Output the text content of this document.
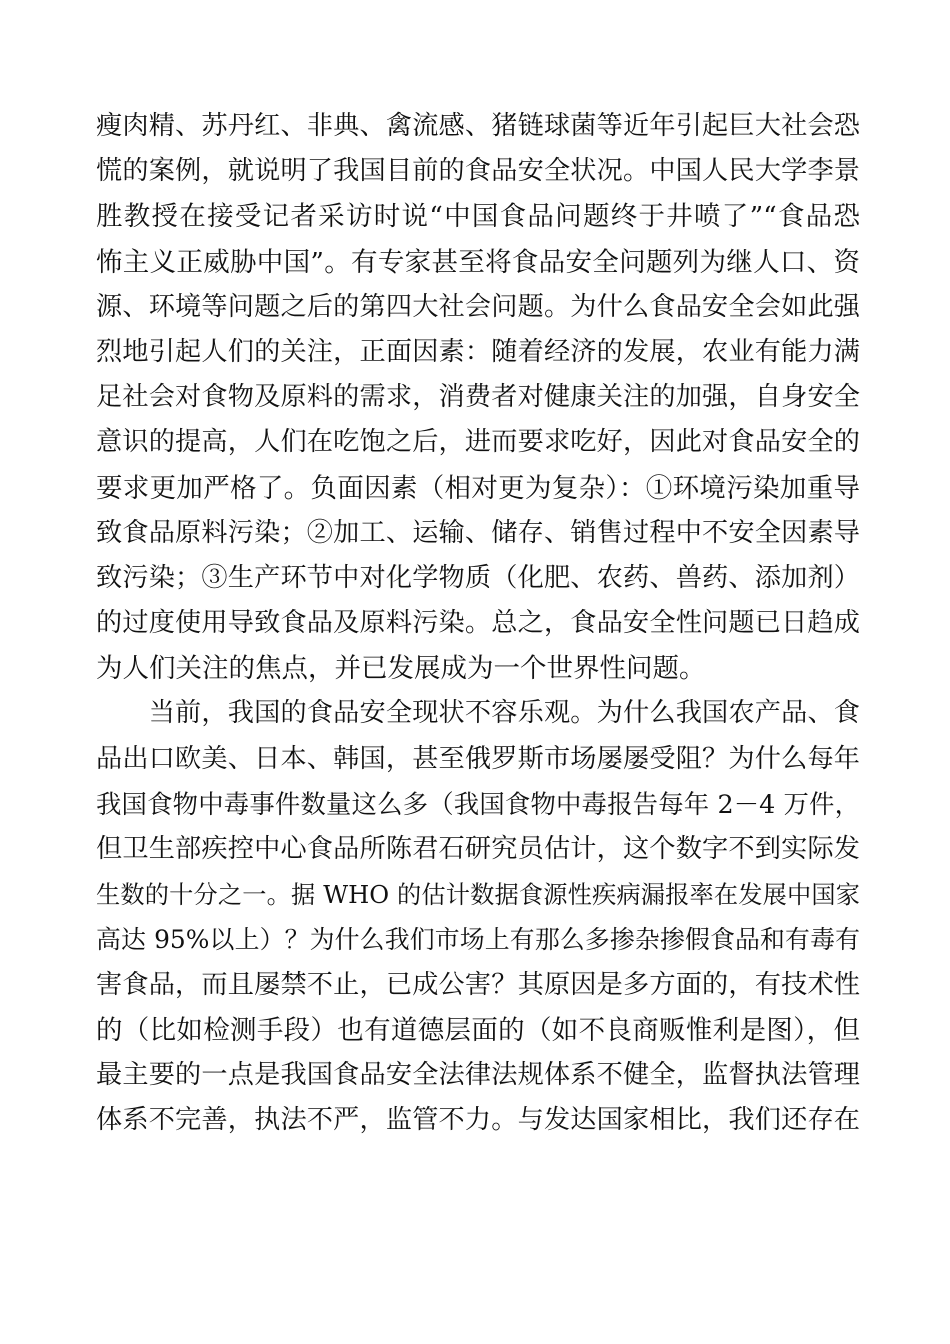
瘦肉精、苏丹红、非典、禽流感、猪链球菌等近年引起巨大社会恐
慌的案例，就说明了我国目前的食品安全状况。中国人民大学李景
胜教授在接受记者采访时说“中国食品问题终于井喷了”“食品恐
怖主义正威胁中国”。有专家甚至将食品安全问题列为继人口、资
源、环境等问题之后的第四大社会问题。为什么食品安全会如此强
烈地引起人们的关注，正面因素：随着经济的发展，农业有能力满
足社会对食物及原料的需求，消费者对健康关注的加强，自身安全
意识的提高，人们在吃饱之后，进而要求吃好，因此对食品安全的
要求更加严格了。负面因素（相对更为复杂）：①环境污染加重导
致食品原料污染；②加工、运输、储存、销售过程中不安全因素导
致污染；③生产环节中对化学物质（化肥、农药、兽药、添加剂）
的过度使用导致食品及原料污染。总之，食品安全性问题已日趋成
为人们关注的焦点，并已发展成为一个世界性问题。
　　当前，我国的食品安全现状不容乐观。为什么我国农产品、食
品出口欧美、日本、韩国，甚至俄罗斯市场屡屡受阻？为什么每年
我国食物中毒事件数量这么多（我国食物中毒报告每年 2－4 万件，
但卫生部疾控中心食品所陈君石研究员估计，这个数字不到实际发
生数的十分之一。据 WHO 的估计数据食源性疾病漏报率在发展中国家
高达 95%以上）？为什么我们市场上有那么多掺杂掺假食品和有毒有
害食品，而且屡禁不止，已成公害？其原因是多方面的，有技术性
的（比如检测手段）也有道德层面的（如不良商贩惟利是图），但
最主要的一点是我国食品安全法律法规体系不健全，监督执法管理
体系不完善，执法不严，监管不力。与发达国家相比，我们还存在
